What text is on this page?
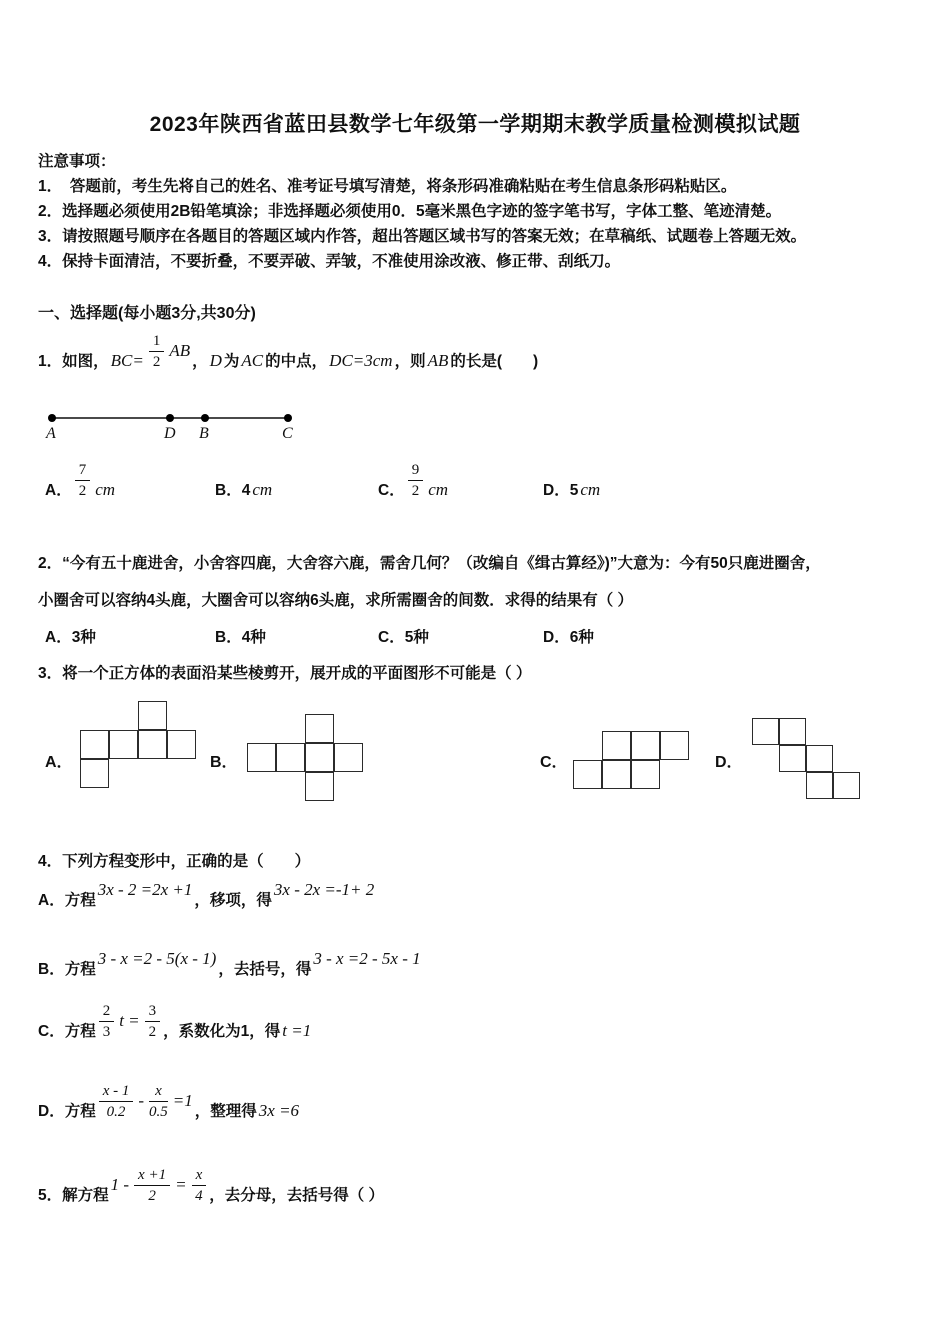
2023年陕西省蓝田县数学七年级第一学期期末教学质量检测模拟试题
注意事项：
1．　答题前，考生先将自己的姓名、准考证号填写清楚，将条形码准确粘贴在考生信息条形码粘贴区。
2．选择题必须使用2B铅笔填涂；非选择题必须使用0．5毫米黑色字迹的签字笔书写，字体工整、笔迹清楚。
3．请按照题号顺序在各题目的答题区域内作答，超出答题区域书写的答案无效；在草稿纸、试题卷上答题无效。
4．保持卡面清洁，不要折叠，不要弄破、弄皱，不准使用涂改液、修正带、刮纸刀。
一、选择题(每小题3分,共30分)
1．如图， $BC= \frac{1}{2}$ AB， D 为 AC 的中点， DC=3cm ，则 AB 的长是(　　)
A	D B	C
A． $\frac{7}{2}$ cm	B．4 cm	C． $\frac{9}{2}$ cm	D．5 cm
2．“今有五十鹿进舍，小舍容四鹿，大舍容六鹿，需舍几何？（改编自《缉古算经》)”大意为：今有50只鹿进圈舍，
小圈舍可以容纳4头鹿，大圈舍可以容纳6头鹿，求所需圈舍的间数．求得的结果有（ ）
A．3种	B．4种	C．5种	D．6种
3．将一个正方体的表面沿某些棱剪开，展开成的平面图形不可能是（ ）
A．	B．	C．	D．
4．下列方程变形中，正确的是（　　）
A．方程3x - 2 =2x +1，移项，得3x - 2x =-1+ 2
B．方程3 - x =2 - 5(x - 1)，去括号，得3 - x =2 - 5x - 1
C．方程 $\frac{2}{3}$ $t = \frac{3}{2}$ ，系数化为1，得 t =1
D．方程 $\frac{x - 1}{0.2} - \frac{x}{0.5} =1$，整理得 3x =6
5．解方程$1 - \frac{x +1}{2} = \frac{x}{4}$ ，去分母，去括号得（ ）
